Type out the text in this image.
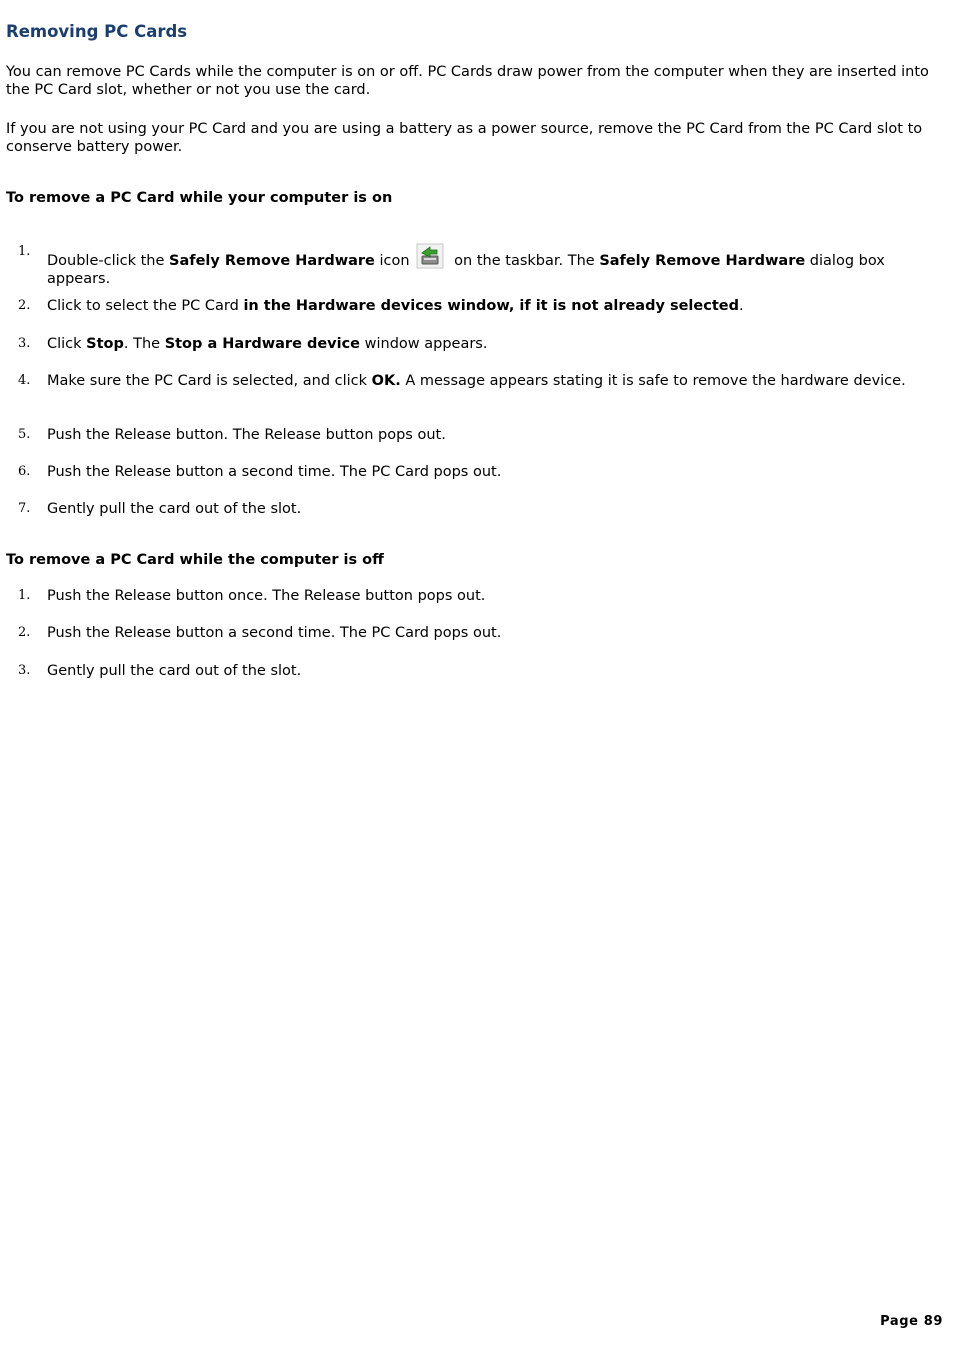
Removing PC Cards

You can remove PC Cards while the computer is on or off. PC Cards draw power from the computer when they are inserted into the PC Card slot, whether or not you use the card.

If you are not using your PC Card and you are using a battery as a power source, remove the PC Card from the PC Card slot to conserve battery power.

To remove a PC Card while your computer is on
1.
Double-click the Safely Remove Hardware icon	on the taskbar. The Safely Remove Hardware dialog box appears.
2. Click to select the PC Card in the Hardware devices window, if it is not already selected.
3. Click Stop. The Stop a Hardware device window appears.
4. Make sure the PC Card is selected, and click OK. A message appears stating it is safe to remove the hardware device.
5. Push the Release button. The Release button pops out.
6. Push the Release button a second time. The PC Card pops out.
7. Gently pull the card out of the slot.
To remove a PC Card while the computer is off
1. Push the Release button once. The Release button pops out.
2. Push the Release button a second time. The PC Card pops out.
3. Gently pull the card out of the slot.
Page 89
